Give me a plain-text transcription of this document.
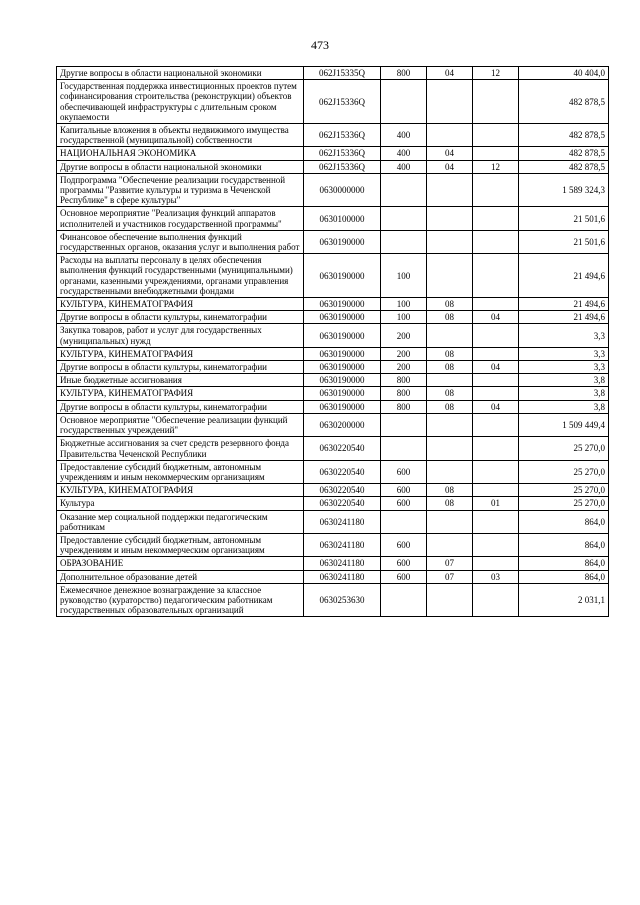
473
Другие вопросы в области национальной экономики	062J15335Q	800	04	12	40 404,0
Государственная поддержка инвестиционных проектов путем софинансирования строительства (реконструкции) объектов обеспечивающей инфраструктуры с длительным сроком окупаемости	062J15336Q				482 878,5
Капитальные вложения в объекты недвижимого имущества государственной (муниципальной) собственности	062J15336Q	400			482 878,5
НАЦИОНАЛЬНАЯ ЭКОНОМИКА	062J15336Q	400	04		482 878,5
Другие вопросы в области национальной экономики	062J15336Q	400	04	12	482 878,5
Подпрограмма "Обеспечение реализации государственной программы "Развитие культуры и туризма в Чеченской Республике" в сфере культуры"	0630000000				1 589 324,3
Основное мероприятие "Реализация функций аппаратов исполнителей и участников государственной программы"	0630100000				21 501,6
Финансовое обеспечение выполнения функций государственных органов, оказания услуг и выполнения работ	0630190000				21 501,6
Расходы на выплаты персоналу в целях обеспечения выполнения функций государственными (муниципальными) органами, казенными учреждениями, органами управления государственными внебюджетными фондами	0630190000	100			21 494,6
КУЛЬТУРА, КИНЕМАТОГРАФИЯ	0630190000	100	08		21 494,6
Другие вопросы в области культуры, кинематографии	0630190000	100	08	04	21 494,6
Закупка товаров, работ и услуг для государственных (муниципальных) нужд	0630190000	200			3,3
КУЛЬТУРА, КИНЕМАТОГРАФИЯ	0630190000	200	08		3,3
Другие вопросы в области культуры, кинематографии	0630190000	200	08	04	3,3
Иные бюджетные ассигнования	0630190000	800			3,8
КУЛЬТУРА, КИНЕМАТОГРАФИЯ	0630190000	800	08		3,8
Другие вопросы в области культуры, кинематографии	0630190000	800	08	04	3,8
Основное мероприятие "Обеспечение реализации функций государственных учреждений"	0630200000				1 509 449,4
Бюджетные ассигнования за счет средств резервного фонда Правительства Чеченской Республики	0630220540				25 270,0
Предоставление субсидий бюджетным, автономным учреждениям и иным некоммерческим организациям	0630220540	600			25 270,0
КУЛЬТУРА, КИНЕМАТОГРАФИЯ	0630220540	600	08		25 270,0
Культура	0630220540	600	08	01	25 270,0
Оказание мер социальной поддержки педагогическим работникам	0630241180				864,0
Предоставление субсидий бюджетным, автономным учреждениям и иным некоммерческим организациям	0630241180	600			864,0
ОБРАЗОВАНИЕ	0630241180	600	07		864,0
Дополнительное образование детей	0630241180	600	07	03	864,0
Ежемесячное денежное вознаграждение за классное руководство (кураторство) педагогическим работникам государственных образовательных организаций	0630253630				2 031,1
